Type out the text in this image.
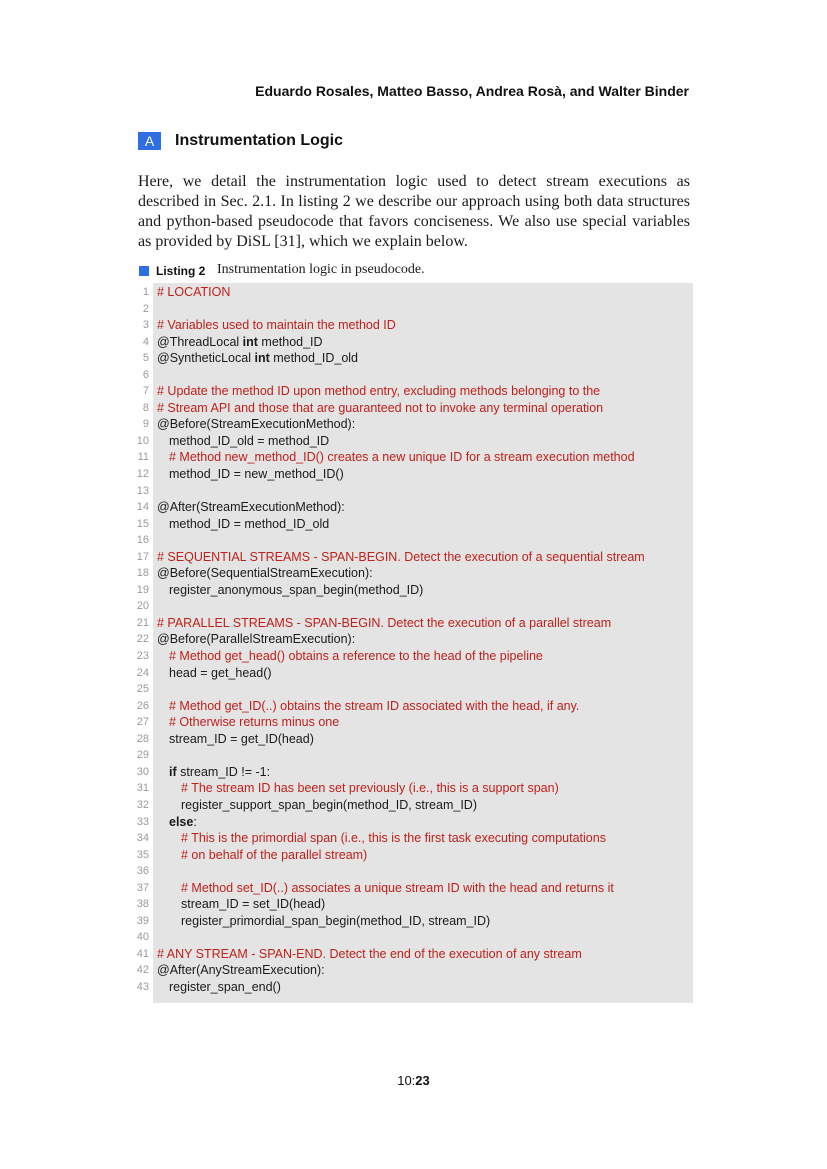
Eduardo Rosales, Matteo Basso, Andrea Rosà, and Walter Binder
A	Instrumentation Logic

Here, we detail the instrumentation logic used to detect stream executions as described in Sec. 2.1. In listing 2 we describe our approach using both data structures and python-based pseudocode that favors conciseness. We also use special variables as provided by DiSL [31], which we explain below.

Listing 2 Instrumentation logic in pseudocode.
1 # LOCATION
2
3 # Variables used to maintain the method ID
4 @ThreadLocal int method_ID
5 @SyntheticLocal int method_ID_old
6
7 # Update the method ID upon method entry, excluding methods belonging to the
8 # Stream API and those that are guaranteed not to invoke any terminal operation
9 @Before(StreamExecutionMethod):
10 method_ID_old = method_ID
11 # Method new_method_ID() creates a new unique ID for a stream execution method
12 method_ID = new_method_ID()
13
14 @After(StreamExecutionMethod):
15 method_ID = method_ID_old
16
17 # SEQUENTIAL STREAMS - SPAN-BEGIN. Detect the execution of a sequential stream
18 @Before(SequentialStreamExecution):
19 register_anonymous_span_begin(method_ID)
20
21 # PARALLEL STREAMS - SPAN-BEGIN. Detect the execution of a parallel stream
22 @Before(ParallelStreamExecution):
23 # Method get_head() obtains a reference to the head of the pipeline
24 head = get_head()
25
26 # Method get_ID(..) obtains the stream ID associated with the head, if any.
27 # Otherwise returns minus one
28 stream_ID = get_ID(head)
29
30 if stream_ID != -1:
31	# The stream ID has been set previously (i.e., this is a support span)
32	register_support_span_begin(method_ID, stream_ID)
33 else:
34	# This is the primordial span (i.e., this is the first task executing computations
35	# on behalf of the parallel stream)
36
37	# Method set_ID(..) associates a unique stream ID with the head and returns it
38	stream_ID = set_ID(head)
39	register_primordial_span_begin(method_ID, stream_ID)
40
41 # ANY STREAM - SPAN-END. Detect the end of the execution of any stream
42 @After(AnyStreamExecution):
43 register_span_end()
10:23
